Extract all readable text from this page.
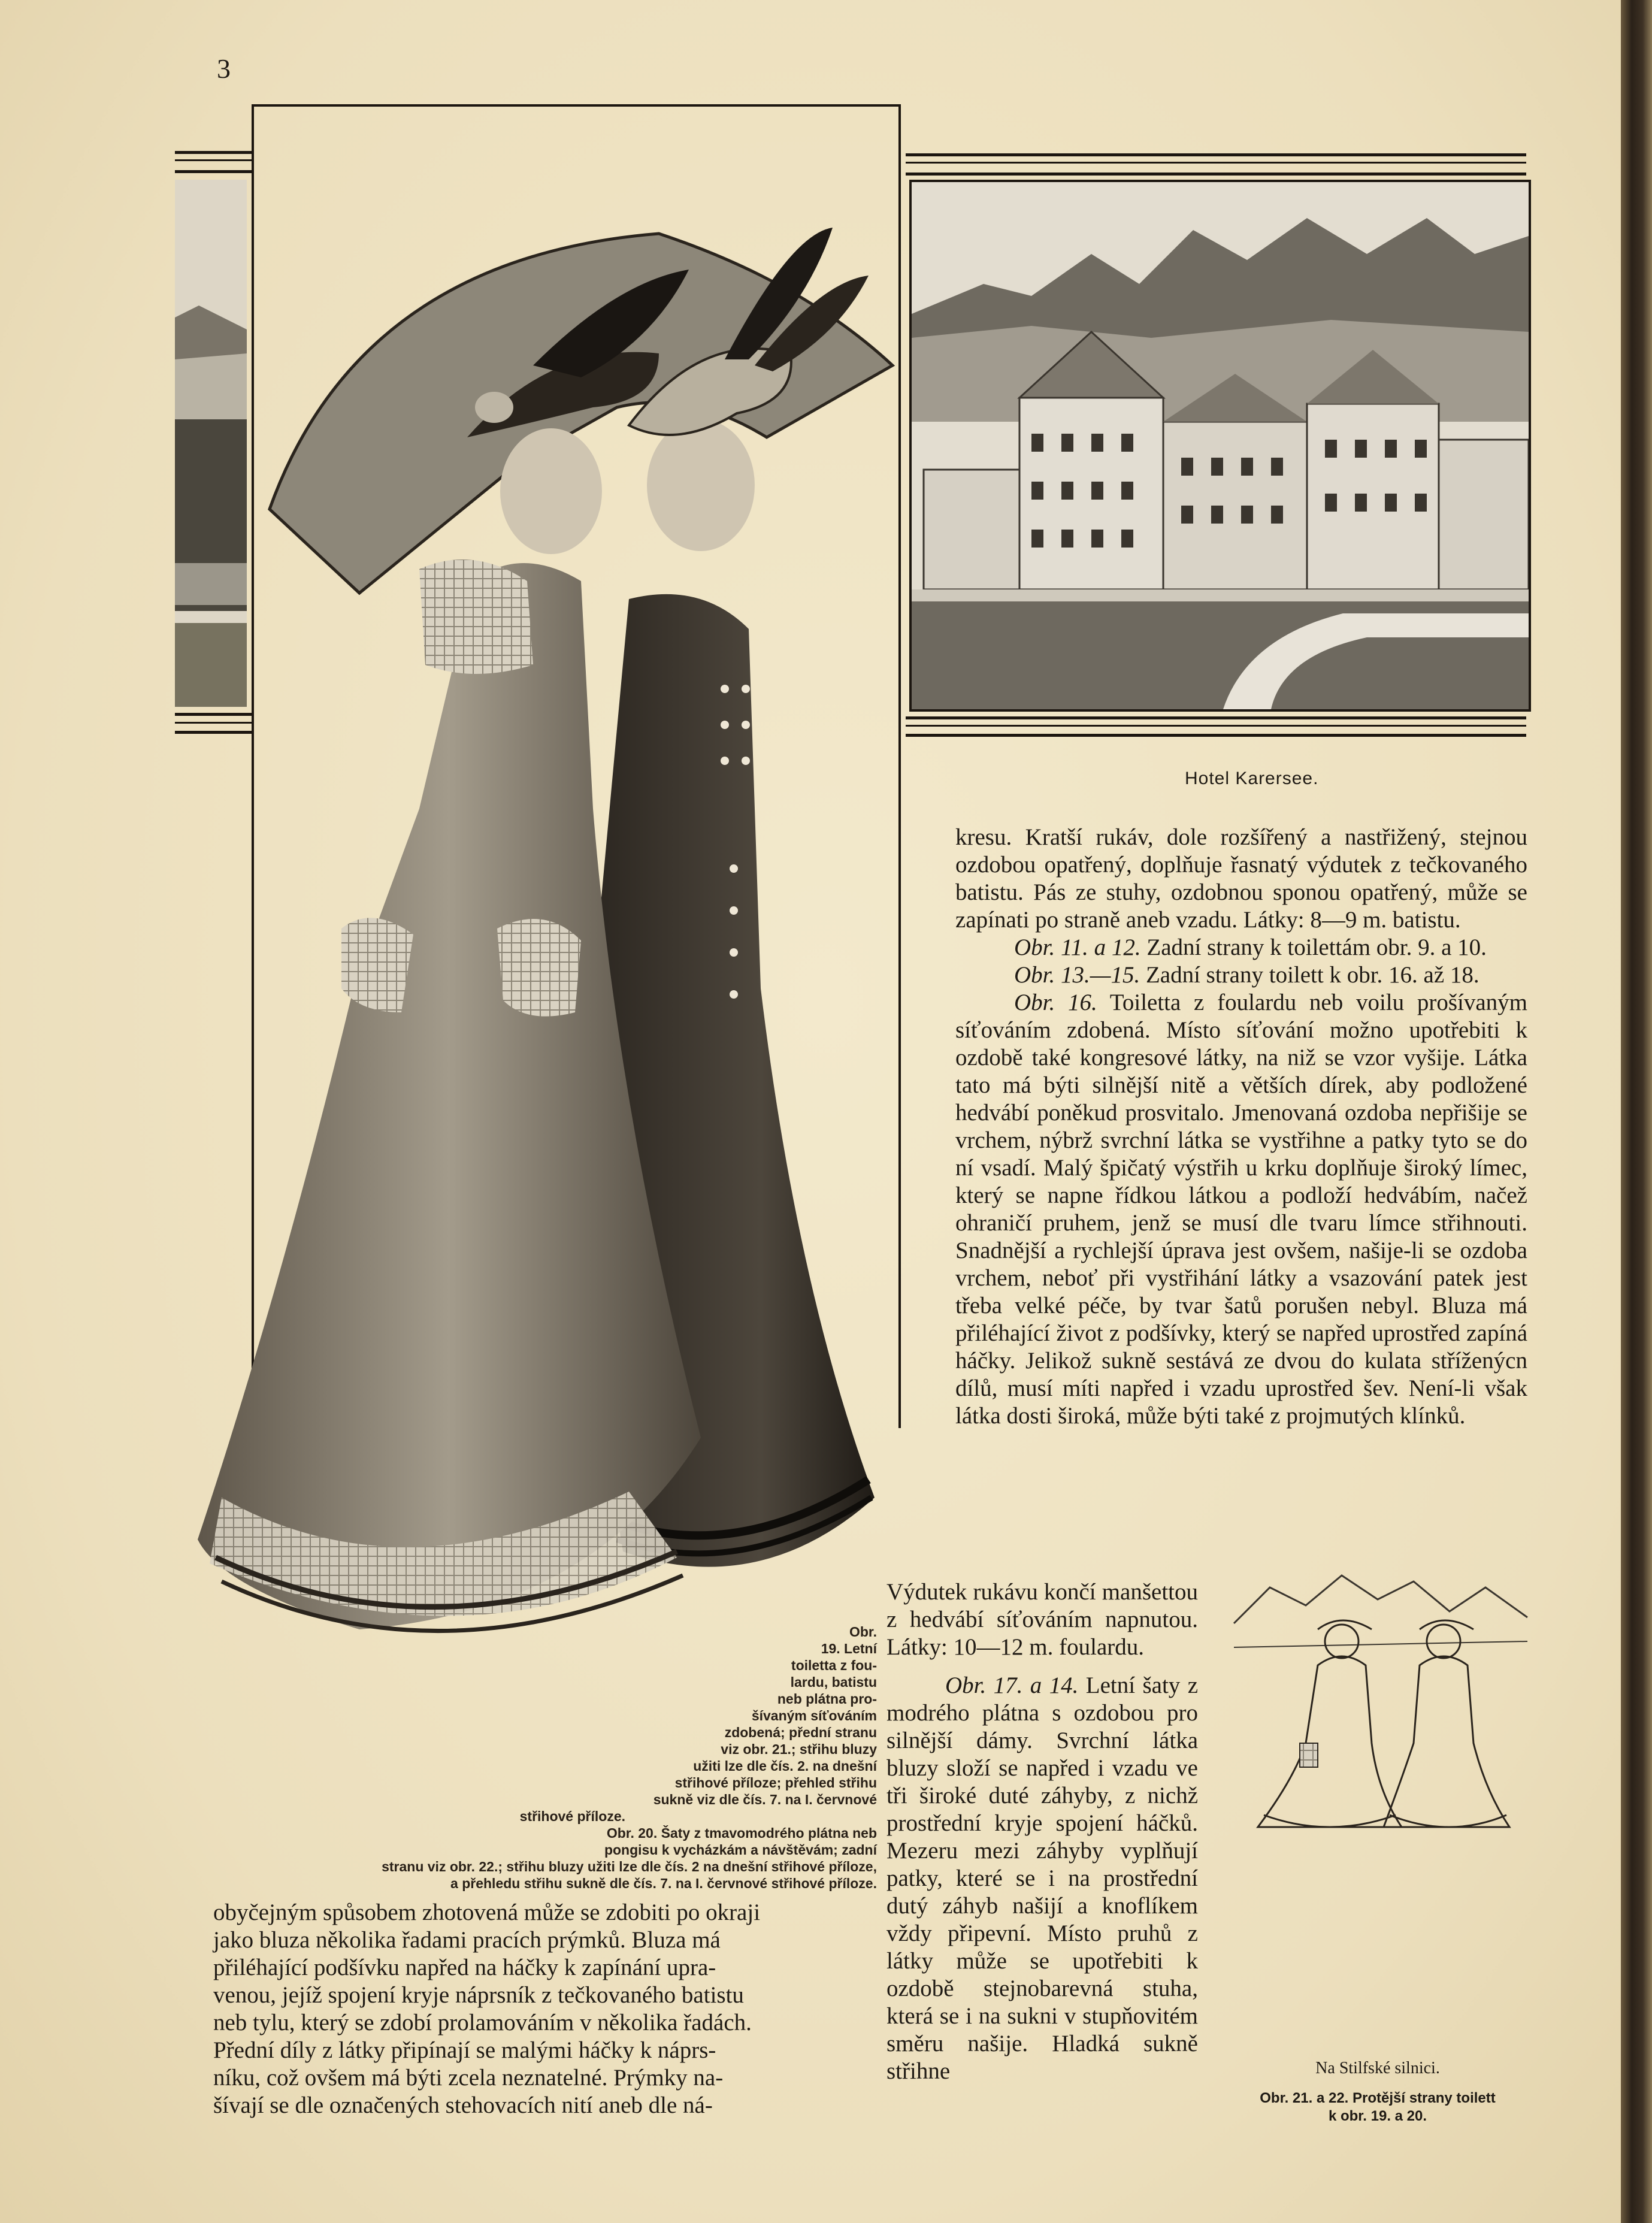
3
Obr.
19. Letní
toiletta z fou-
lardu, batistu
neb plátna pro-
šívaným síťováním
zdobená; přední stranu
viz obr. 21.; střihu bluzy
užiti lze dle čís. 2. na dnešní
střihové příloze; přehled střihu
sukně viz dle čís. 7. na I. červnové
střihové příloze.
Obr. 20. Šaty z tmavomodrého plátna neb
pongisu k vycházkám a návštěvám; zadní
stranu viz obr. 22.; střihu bluzy užiti lze dle čís. 2 na dnešní střihové příloze,
a přehledu střihu sukně dle čís. 7. na I. červnové střihové příloze.
Hotel Karersee.
obyčejným spůsobem zhotovená může se zdobiti po okraji
jako bluza několika řadami pracích prýmků. Bluza má
přiléhající podšívku napřed na háčky k zapínání upra-
venou, jejíž spojení kryje náprsník z tečkovaného batistu
neb tylu, který se zdobí prolamováním v několika řadách.
Přední díly z látky připínají se malými háčky k náprs-
níku, což ovšem má býti zcela neznatelné. Prýmky na-
šívají se dle označených stehovacích nití aneb dle ná-

kresu. Kratší rukáv, dole rozšířený a nastřižený, stejnou ozdobou opatřený, doplňuje řasnatý výdutek z tečkovaného batistu. Pás ze stuhy, ozdobnou sponou opatřený, může se zapínati po straně aneb vzadu. Látky: 8—9 m. batistu.

Obr. 11. a 12. Zadní strany k toilettám obr. 9. a 10.

Obr. 13.—15. Zadní strany toilett k obr. 16. až 18.

Obr. 16. Toiletta z foulardu neb voilu prošívaným síťováním zdobená. Místo síťování možno upotřebiti k ozdobě také kongresové látky, na niž se vzor vyšije. Látka tato má býti silnější nitě a větších dírek, aby podložené hedvábí poněkud prosvitalo. Jmenovaná ozdoba nepřišije se vrchem, nýbrž svrchní látka se vystřihne a patky tyto se do ní vsadí. Malý špičatý výstřih u krku doplňuje široký límec, který se napne řídkou látkou a podloží hedvábím, načež ohraničí pruhem, jenž se musí dle tvaru límce střihnouti. Snadnější a rychlejší úprava jest ovšem, našije-li se ozdoba vrchem, neboť při vystřihání látky a vsazování patek jest třeba velké péče, by tvar šatů porušen nebyl. Bluza má přiléhající život z podšívky, který se napřed uprostřed zapíná háčky. Jelikož sukně sestává ze dvou do kulata stříženýcn dílů, musí míti napřed i vzadu uprostřed šev. Není-li však látka dosti široká, může býti také z projmutých klínků.

Výdutek rukávu končí manšettou z hedvábí síťováním napnutou. Látky: 10—12 m. foulardu.

Obr. 17. a 14. Letní šaty z modrého plátna s ozdobou pro silnější dámy. Svrchní látka bluzy složí se napřed i vzadu ve tři široké duté záhyby, z nichž prostřední kryje spojení háčků. Mezeru mezi záhyby vyplňují patky, které se i na prostřední dutý záhyb našijí a knoflíkem vždy připevní. Místo pruhů z látky může se upotřebiti k ozdobě stejnobarevná stuha, která se i na sukni v stupňovitém směru našije. Hladká sukně střihne	Na Stilfské silnici.
Obr. 21. a 22. Protější strany toilett
k obr. 19. a 20.
